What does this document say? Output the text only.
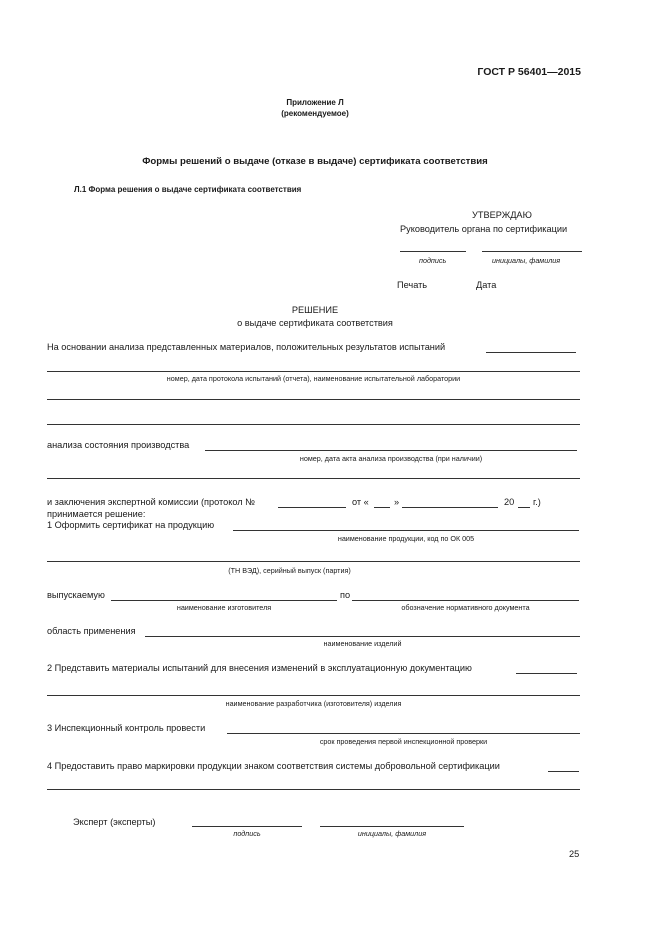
ГОСТ Р 56401—2015
Приложение Л
(рекомендуемое)
Формы решений о выдаче (отказе в выдаче) сертификата соответствия
Л.1 Форма решения о выдаче сертификата соответствия
УТВЕРЖДАЮ
Руководитель органа по сертификации
подпись	инициалы, фамилия
Печать	Дата
РЕШЕНИЕ
о выдаче сертификата соответствия
На основании анализа представленных материалов, положительных результатов испытаний
номер, дата протокола испытаний (отчета), наименование испытательной лаборатории
анализа состояния производства
номер, дата акта анализа производства (при наличии)
и заключения экспертной комиссии (протокол №	от «	»	20 г.)
принимается решение:
1 Оформить сертификат на продукцию
наименование продукции, код по ОК 005
(ТН ВЭД), серийный выпуск (партия)
выпускаемую	по
наименование изготовителя	обозначение нормативного документа
область применения
наименование изделий
2 Представить материалы испытаний для внесения изменений в эксплуатационную документацию
наименование разработчика (изготовителя) изделия
3 Инспекционный контроль провести
срок проведения первой инспекционной проверки
4 Предоставить право маркировки продукции знаком соответствия системы добровольной сертификации
Эксперт (эксперты)
подпись	инициалы, фамилия
25
